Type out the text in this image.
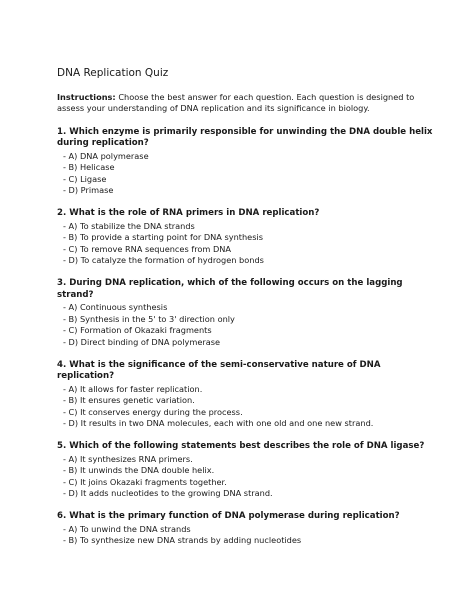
DNA Replication Quiz

Instructions: Choose the best answer for each question. Each question is designed to assess your understanding of DNA replication and its significance in biology.

1. Which enzyme is primarily responsible for unwinding the DNA double helix during replication?

- A) DNA polymerase
- B) Helicase
- C) Ligase
- D) Primase

2. What is the role of RNA primers in DNA replication?

- A) To stabilize the DNA strands
- B) To provide a starting point for DNA synthesis
- C) To remove RNA sequences from DNA
- D) To catalyze the formation of hydrogen bonds

3. During DNA replication, which of the following occurs on the lagging strand?

- A) Continuous synthesis
- B) Synthesis in the 5' to 3' direction only
- C) Formation of Okazaki fragments
- D) Direct binding of DNA polymerase

4. What is the significance of the semi-conservative nature of DNA replication?

- A) It allows for faster replication.
- B) It ensures genetic variation.
- C) It conserves energy during the process.
- D) It results in two DNA molecules, each with one old and one new strand.

5. Which of the following statements best describes the role of DNA ligase?

- A) It synthesizes RNA primers.
- B) It unwinds the DNA double helix.
- C) It joins Okazaki fragments together.
- D) It adds nucleotides to the growing DNA strand.

6. What is the primary function of DNA polymerase during replication?

- A) To unwind the DNA strands
- B) To synthesize new DNA strands by adding nucleotides
